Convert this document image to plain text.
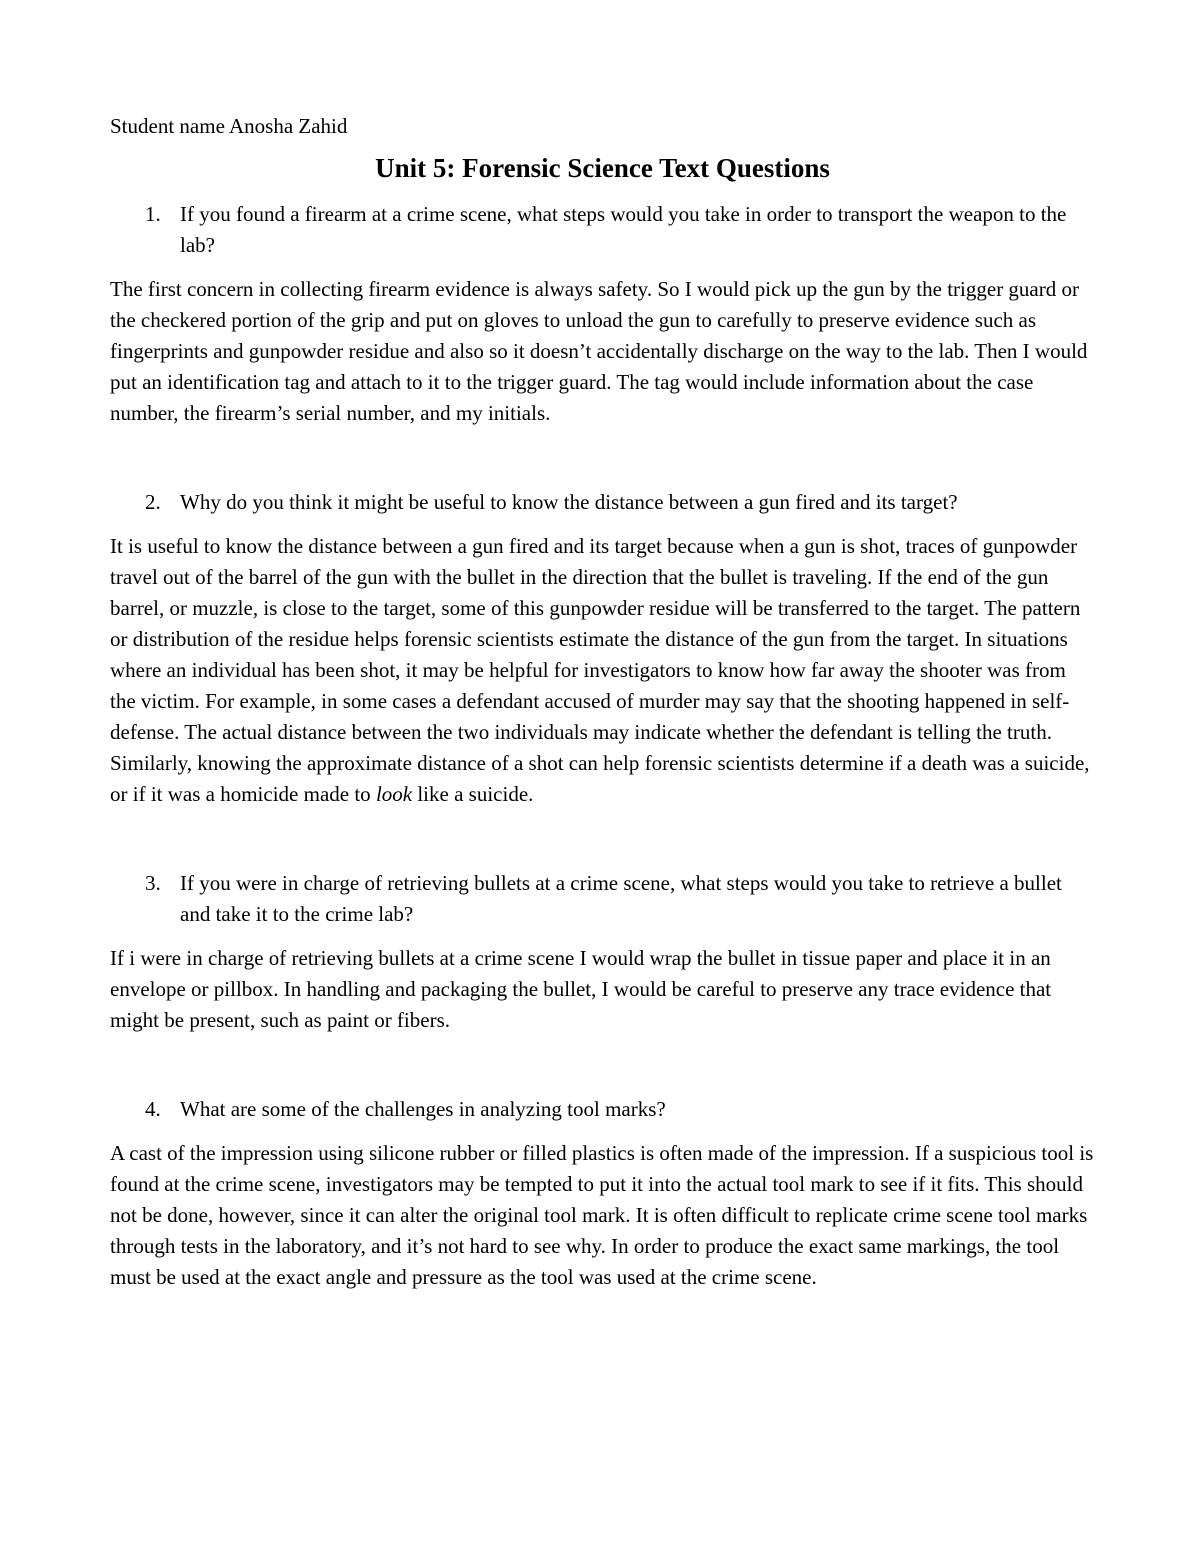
Student name Anosha Zahid

Unit 5: Forensic Science Text Questions
1. If you found a firearm at a crime scene, what steps would you take in order to transport the weapon to the lab?

The first concern in collecting firearm evidence is always safety. So I would pick up the gun by the trigger guard or the checkered portion of the grip and put on gloves to unload the gun to carefully to preserve evidence such as fingerprints and gunpowder residue and also so it doesn’t accidentally discharge on the way to the lab. Then I would put an identification tag and attach to it to the trigger guard. The tag would include information about the case number, the firearm’s serial number, and my initials.

2. Why do you think it might be useful to know the distance between a gun fired and its target?

It is useful to know the distance between a gun fired and its target because when a gun is shot, traces of gunpowder travel out of the barrel of the gun with the bullet in the direction that the bullet is traveling. If the end of the gun barrel, or muzzle, is close to the target, some of this gunpowder residue will be transferred to the target. The pattern or distribution of the residue helps forensic scientists estimate the distance of the gun from the target. In situations where an individual has been shot, it may be helpful for investigators to know how far away the shooter was from the victim. For example, in some cases a defendant accused of murder may say that the shooting happened in self-defense. The actual distance between the two individuals may indicate whether the defendant is telling the truth. Similarly, knowing the approximate distance of a shot can help forensic scientists determine if a death was a suicide, or if it was a homicide made to look like a suicide.

3. If you were in charge of retrieving bullets at a crime scene, what steps would you take to retrieve a bullet and take it to the crime lab?

If i were in charge of retrieving bullets at a crime scene I would wrap the bullet in tissue paper and place it in an envelope or pillbox. In handling and packaging the bullet, I would be careful to preserve any trace evidence that might be present, such as paint or fibers.

4. What are some of the challenges in analyzing tool marks?

A cast of the impression using silicone rubber or filled plastics is often made of the impression. If a suspicious tool is found at the crime scene, investigators may be tempted to put it into the actual tool mark to see if it fits. This should not be done, however, since it can alter the original tool mark. It is often difficult to replicate crime scene tool marks through tests in the laboratory, and it’s not hard to see why. In order to produce the exact same markings, the tool must be used at the exact angle and pressure as the tool was used at the crime scene.
